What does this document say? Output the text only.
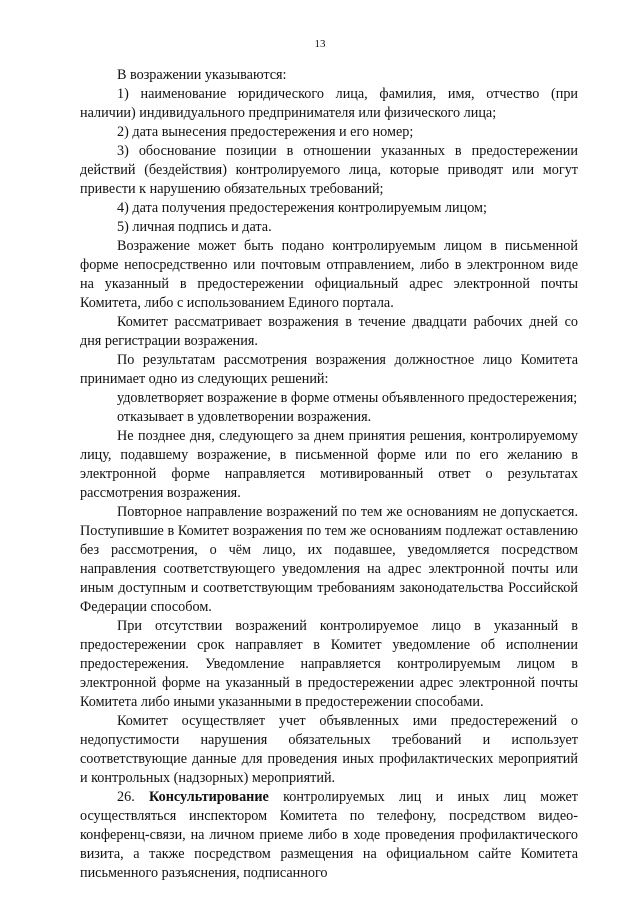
13

В возражении указываются:

1) наименование юридического лица, фамилия, имя, отчество (при наличии) индивидуального предпринимателя или физического лица;

2) дата вынесения предостережения и его номер;

3) обоснование позиции в отношении указанных в предостережении действий (бездействия) контролируемого лица, которые приводят или могут привести к нарушению обязательных требований;

4) дата получения предостережения контролируемым лицом;

5) личная подпись и дата.

Возражение может быть подано контролируемым лицом в письменной форме непосредственно или почтовым отправлением, либо в электронном виде на указанный в предостережении официальный адрес электронной почты Комитета, либо с использованием Единого портала.

Комитет рассматривает возражения в течение двадцати рабочих дней со дня регистрации возражения.

По результатам рассмотрения возражения должностное лицо Комитета принимает одно из следующих решений:

удовлетворяет возражение в форме отмены объявленного предостережения;

отказывает в удовлетворении возражения.

Не позднее дня, следующего за днем принятия решения, контролируемому лицу, подавшему возражение, в письменной форме или по его желанию в электронной форме направляется мотивированный ответ о результатах рассмотрения возражения.

Повторное направление возражений по тем же основаниям не допускается. Поступившие в Комитет возражения по тем же основаниям подлежат оставлению без рассмотрения, о чём лицо, их подавшее, уведомляется посредством направления соответствующего уведомления на адрес электронной почты или иным доступным и соответствующим требованиям законодательства Российской Федерации способом.

При отсутствии возражений контролируемое лицо в указанный в предостережении срок направляет в Комитет уведомление об исполнении предостережения. Уведомление направляется контролируемым лицом в электронной форме на указанный в предостережении адрес электронной почты Комитета либо иными указанными в предостережении способами.

Комитет осуществляет учет объявленных ими предостережений о недопустимости нарушения обязательных требований и использует соответствующие данные для проведения иных профилактических мероприятий и контрольных (надзорных) мероприятий.

26. Консультирование контролируемых лиц и иных лиц может осуществляться инспектором Комитета по телефону, посредством видео-конференц-связи, на личном приеме либо в ходе проведения профилактического визита, а также посредством размещения на официальном сайте Комитета письменного разъяснения, подписанного
